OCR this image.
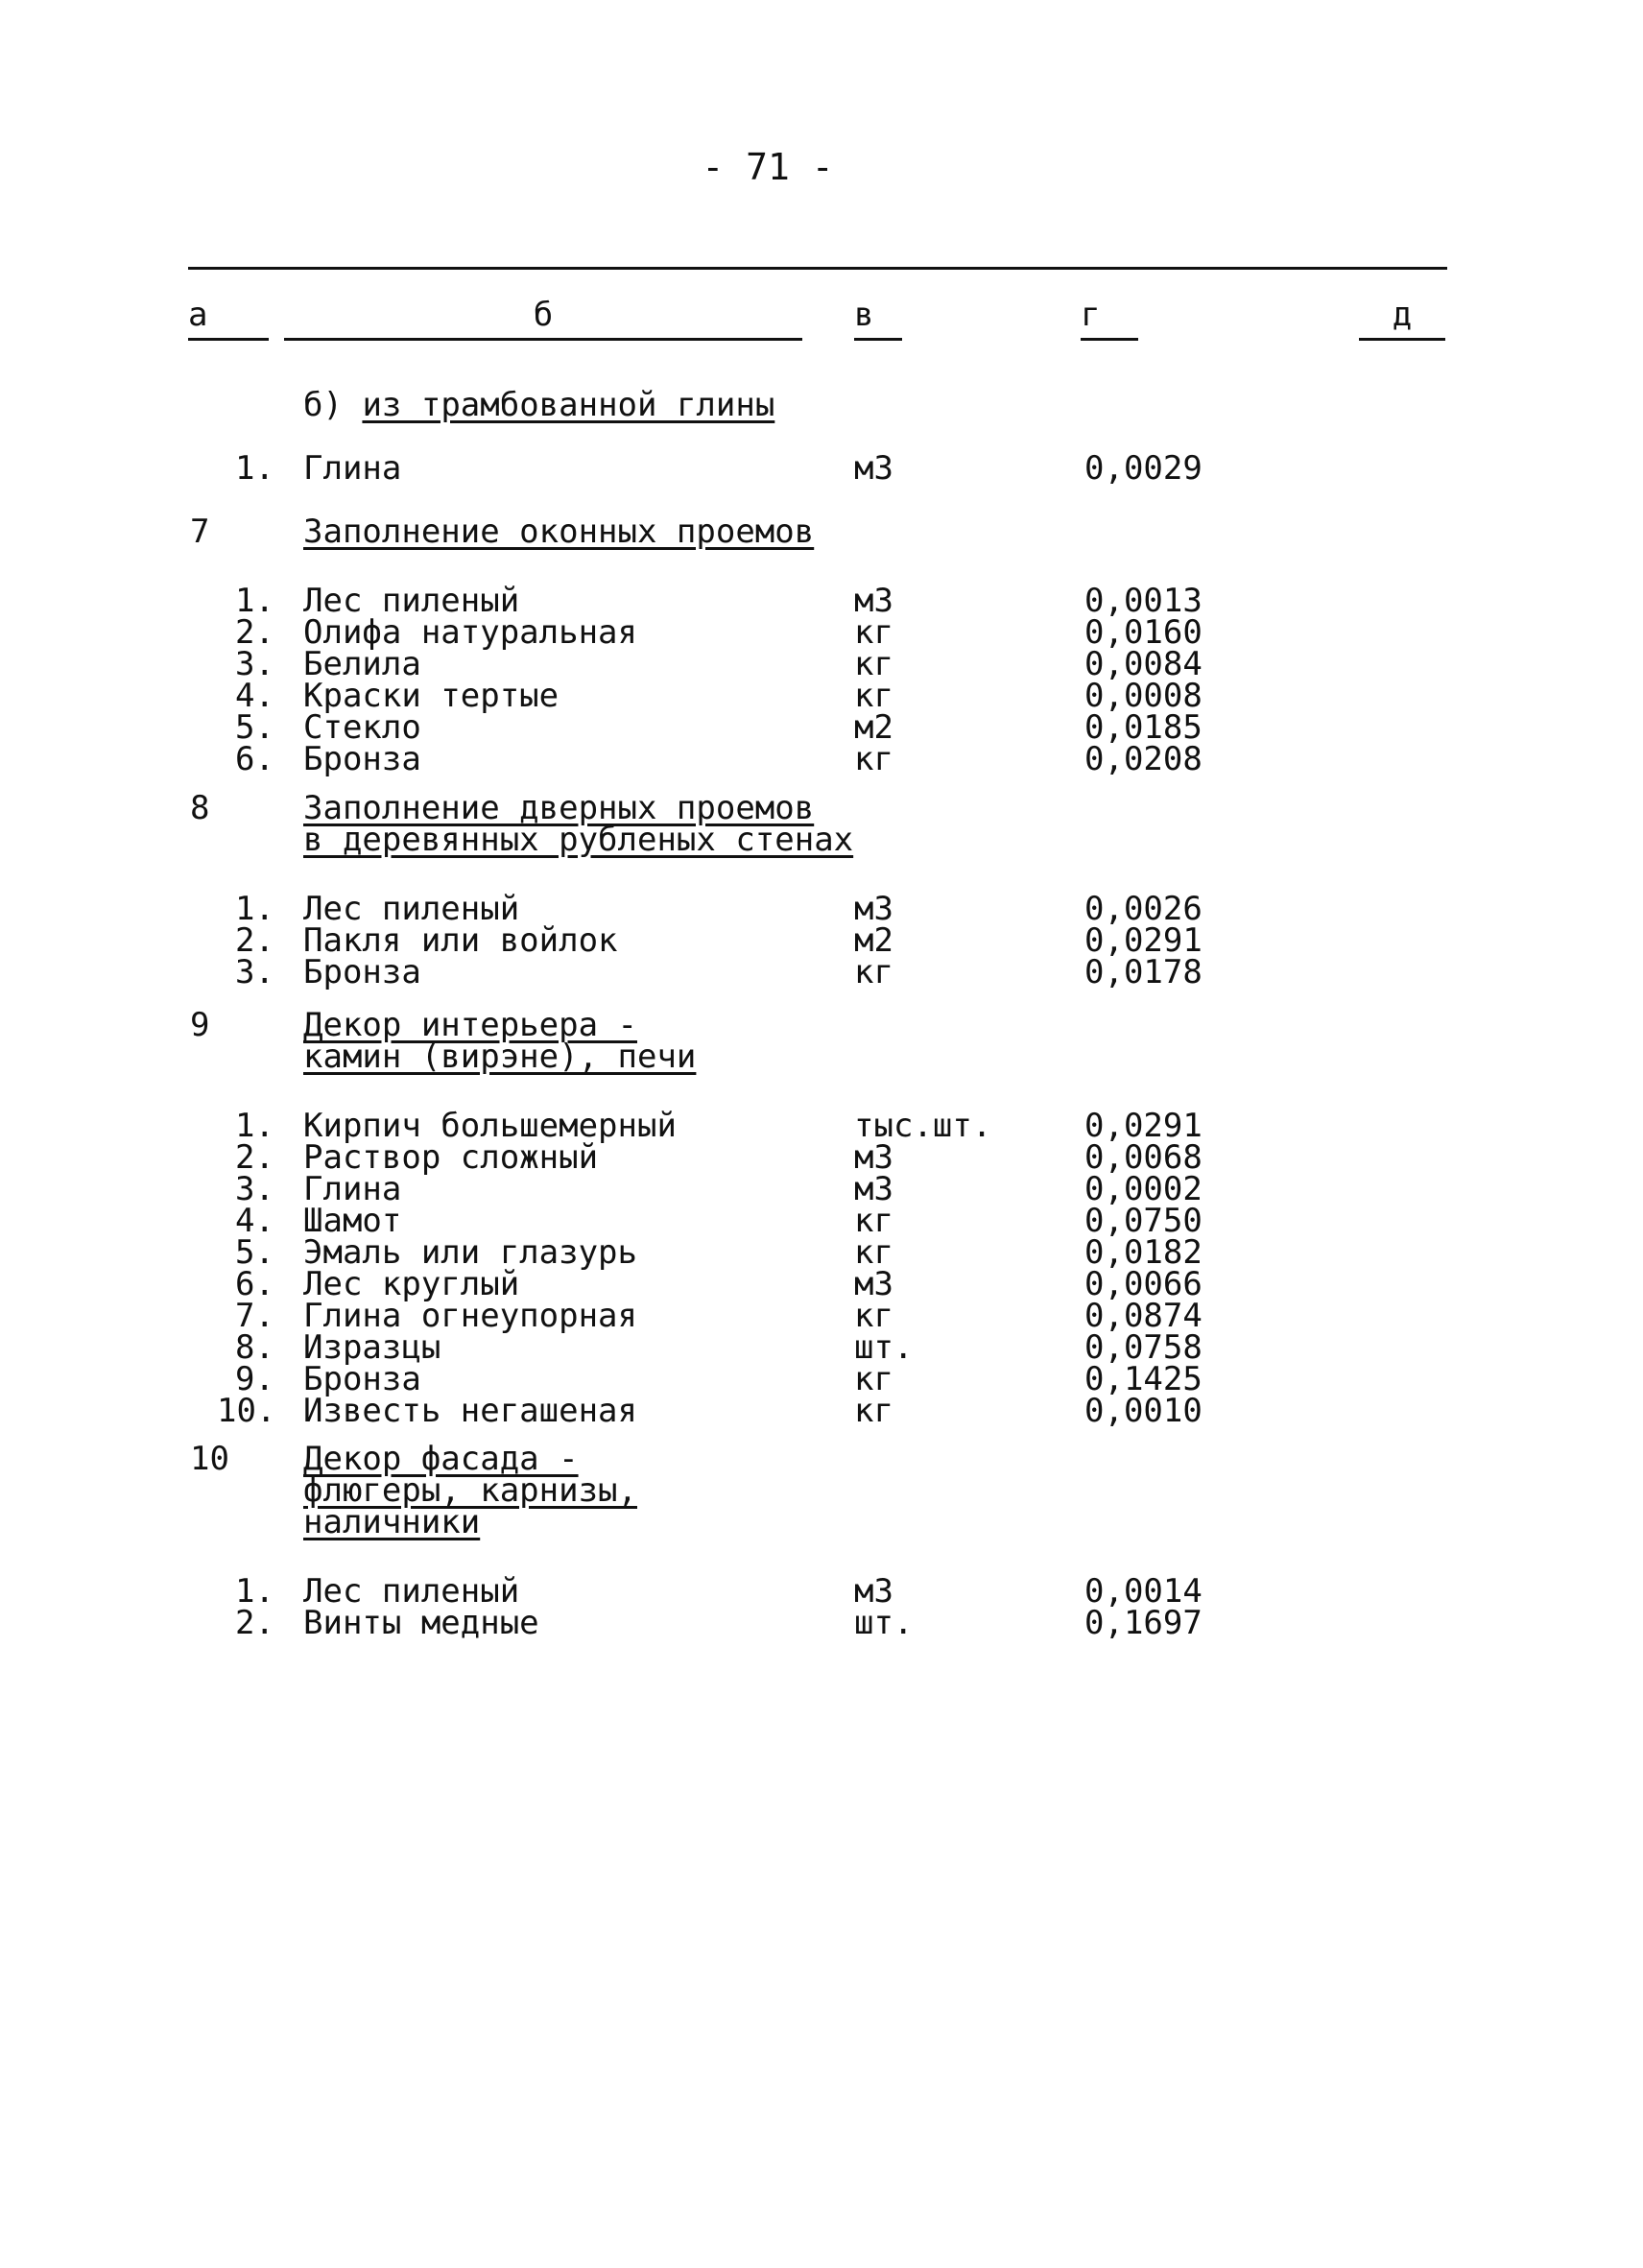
- 71 -
а	б	в	г	д
б) из трамбованной глины
1. Глина	м3	0,0029
7	Заполнение оконных проемов
1. Лес пиленый	м3	0,0013
2. Олифа натуральная	кг	0,0160
3. Белила	кг	0,0084
4. Краски тертые	кг	0,0008
5. Стекло	м2	0,0185
6. Бронза	кг	0,0208
8	Заполнение дверных проемов
в деревянных рубленых стенах
1. Лес пиленый	м3	0,0026
2. Пакля или войлок	м2	0,0291
3. Бронза	кг	0,0178
9	Декор интерьера -
камин (вирэне), печи
1. Кирпич большемерный	тыс.шт.	0,0291
2. Раствор сложный	м3	0,0068
3. Глина	м3	0,0002
4. Шамот	кг	0,0750
5. Эмаль или глазурь	кг	0,0182
6. Лес круглый	м3	0,0066
7. Глина огнеупорная	кг	0,0874
8. Изразцы	шт.	0,0758
9. Бронза	кг	0,1425
10. Известь негашеная	кг	0,0010
10 Декор фасада -
флюгеры, карнизы,
наличники
1. Лес пиленый	м3	0,0014
2. Винты медные	шт.	0,1697
